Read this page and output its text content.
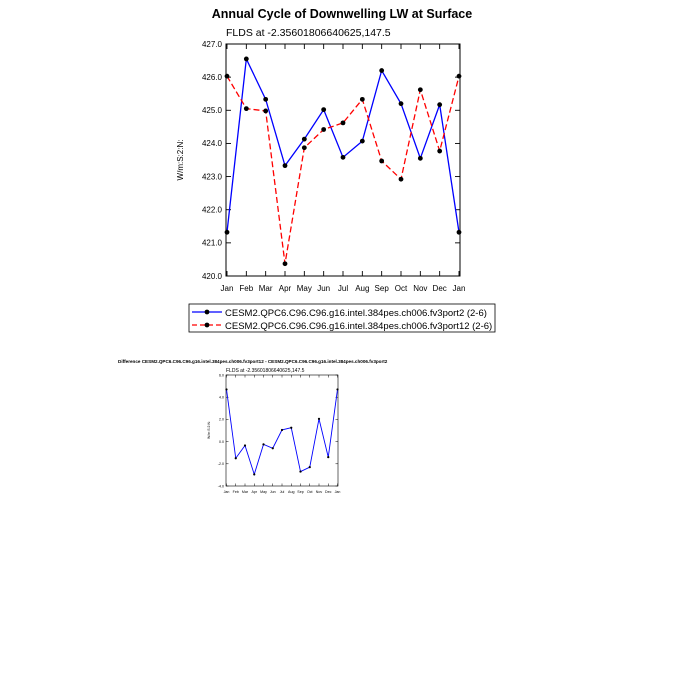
Annual Cycle of Downwelling LW at Surface
FLDS at -2.35601806640625,147.5
W/m:S:2:N:
420.0
421.0
422.0
423.0
424.0
425.0
426.0
427.0
Jan Feb Mar Apr May Jun Jul Aug Sep Oct Nov Dec Jan
CESM2.QPC6.C96.C96.g16.intel.384pes.ch006.fv3port2 (2-6)
CESM2.QPC6.C96.C96.g16.intel.384pes.ch006.fv3port12 (2-6)
Difference CESM2.QPC6.C96.C96.g16.intel.384pes.ch006.fv3port12 - CESM2.QPC6.C96.C96.g16.intel.384pes.ch006.fv3port2
FLDS at -2.35601806640625,147.5
W/m:S:2:N:
-4.0
-2.0
0.0
2.0
4.0
6.0
Jan Feb Mar Apr May Jun Jul Aug Sep Oct Nov Dec Jan
